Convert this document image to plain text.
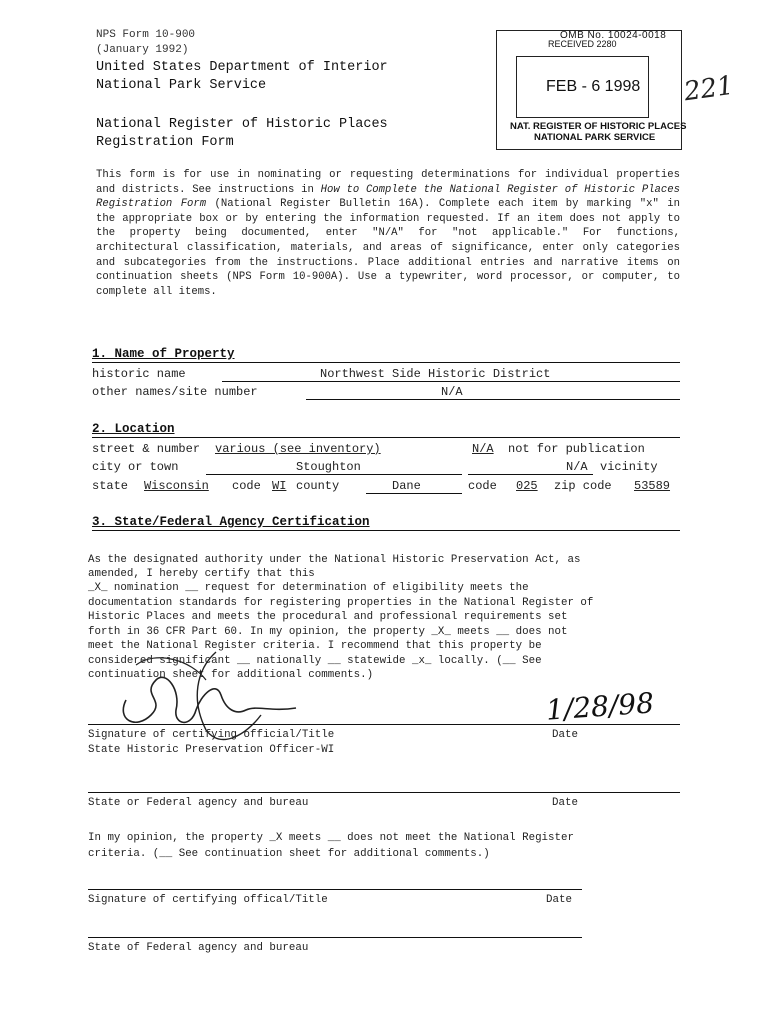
NPS Form 10-900
(January 1992)
United States Department of Interior
National Park Service
National Register of Historic Places
Registration Form
OMB No. 10024-0018
RECEIVED 2280
FEB - 6 1998
NAT. REGISTER OF HISTORIC PLACES
NATIONAL PARK SERVICE
221
This form is for use in nominating or requesting determinations for individual properties and districts. See instructions in How to Complete the National Register of Historic Places Registration Form (National Register Bulletin 16A). Complete each item by marking "x" in the appropriate box or by entering the information requested. If an item does not apply to the property being documented, enter "N/A" for "not applicable." For functions, architectural classification, materials, and areas of significance, enter only categories and subcategories from the instructions. Place additional entries and narrative items on continuation sheets (NPS Form 10-900A). Use a typewriter, word processor, or computer, to complete all items.
1. Name of Property
historic name	Northwest Side Historic District
other names/site number	N/A
2. Location
street & number various (see inventory)	N/A not for publication
city or town	Stoughton	N/A vicinity
state Wisconsin code WI county	Dane	code 025 zip code 53589
3. State/Federal Agency Certification
As the designated authority under the National Historic Preservation Act, as
amended, I hereby certify that this
_X_ nomination __ request for determination of eligibility meets the
documentation standards for registering properties in the National Register of
Historic Places and meets the procedural and professional requirements set
forth in 36 CFR Part 60. In my opinion, the property _X_ meets __ does not
meet the National Register criteria. I recommend that this property be
considered significant __ nationally __ statewide _x_ locally. (__ See
continuation sheet for additional comments.)
1/28/98
Signature of certifying official/Title	Date
State Historic Preservation Officer-WI
State or Federal agency and bureau	Date
In my opinion, the property _X meets __ does not meet the National Register
criteria. (__ See continuation sheet for additional comments.)
Signature of certifying offical/Title	Date
State of Federal agency and bureau
